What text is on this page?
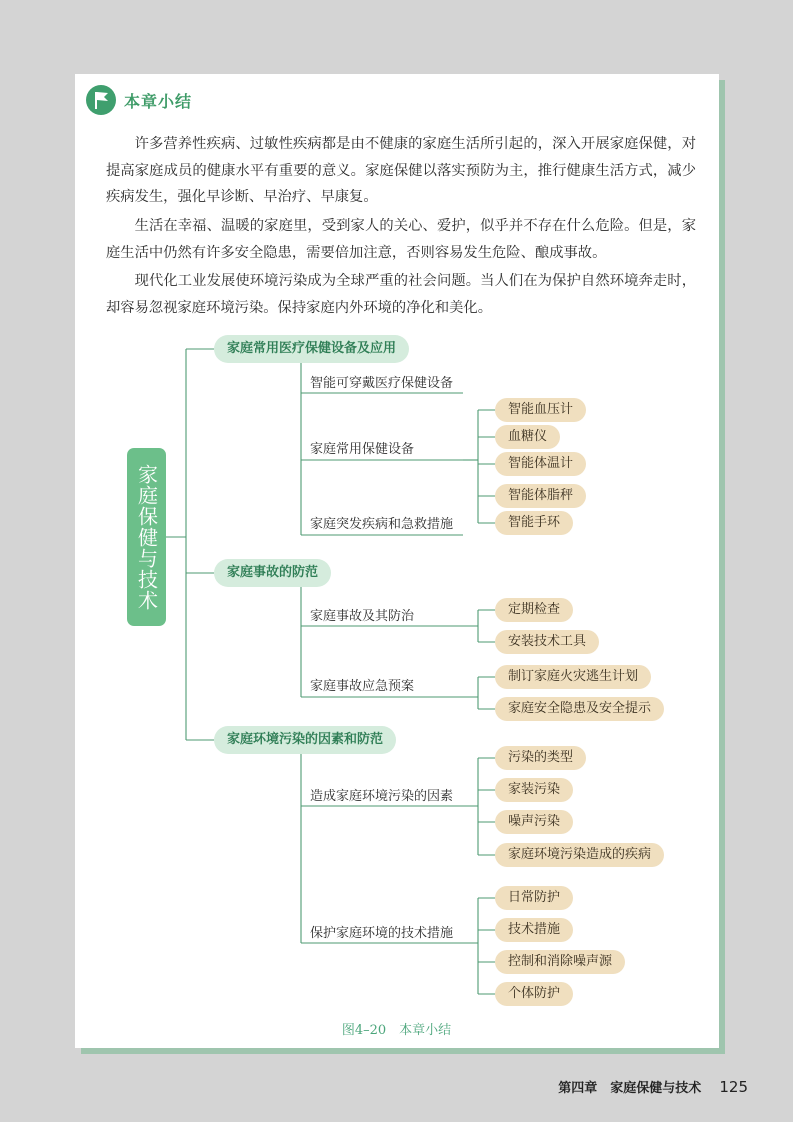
本章小结

许多营养性疾病、过敏性疾病都是由不健康的家庭生活所引起的，深入开展家庭保健，对提高家庭成员的健康水平有重要的意义。家庭保健以落实预防为主，推行健康生活方式，减少疾病发生，强化早诊断、早治疗、早康复。

生活在幸福、温暖的家庭里，受到家人的关心、爱护，似乎并不存在什么危险。但是，家庭生活中仍然有许多安全隐患，需要倍加注意，否则容易发生危险、酿成事故。

现代化工业发展使环境污染成为全球严重的社会问题。当人们在为保护自然环境奔走时，却容易忽视家庭环境污染。保持家庭内外环境的净化和美化。

家庭保健与技术
家庭常用医疗保健设备及应用
家庭事故的防范
家庭环境污染的因素和防范
智能可穿戴医疗保健设备
家庭常用保健设备
家庭突发疾病和急救措施
家庭事故及其防治
家庭事故应急预案
造成家庭环境污染的因素
保护家庭环境的技术措施
智能血压计
血糖仪
智能体温计
智能体脂秤
智能手环
定期检查
安装技术工具
制订家庭火灾逃生计划
家庭安全隐患及安全提示
污染的类型
家装污染
噪声污染
家庭环境污染造成的疾病
日常防护
技术措施
控制和消除噪声源
个体防护
图4–20　本章小结
第四章　家庭保健与技术 125
